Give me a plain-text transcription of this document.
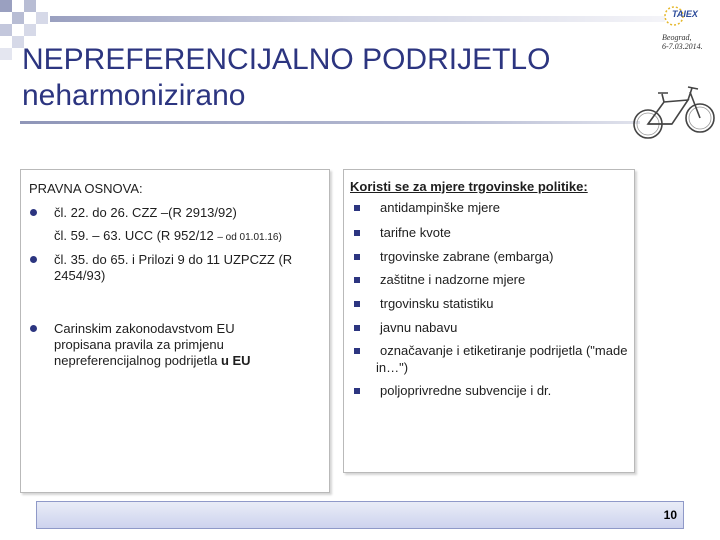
TAIEX
Beograd,
6-7.03.2014.
NEPREFERENCIJALNO PODRIJETLO
neharmonizirano
PRAVNA OSNOVA:
čl. 22. do 26. CZZ –(R 2913/92)
čl. 59. – 63. UCC (R 952/12 – od 01.01.16)
čl. 35. do 65. i Prilozi 9 do 11 UZPCZZ (R
2454/93)
Carinskim zakonodavstvom EU
propisana pravila za primjenu
nepreferencijalnog podrijetla u EU
Koristi se za mjere trgovinske politike:
antidampinške mjere
tarifne kvote
trgovinske zabrane (embarga)
zaštitne i nadzorne mjere
trgovinsku statistiku
javnu nabavu
označavanje i etiketiranje podrijetla ("made
in…")
poljoprivredne subvencije i dr.
10
